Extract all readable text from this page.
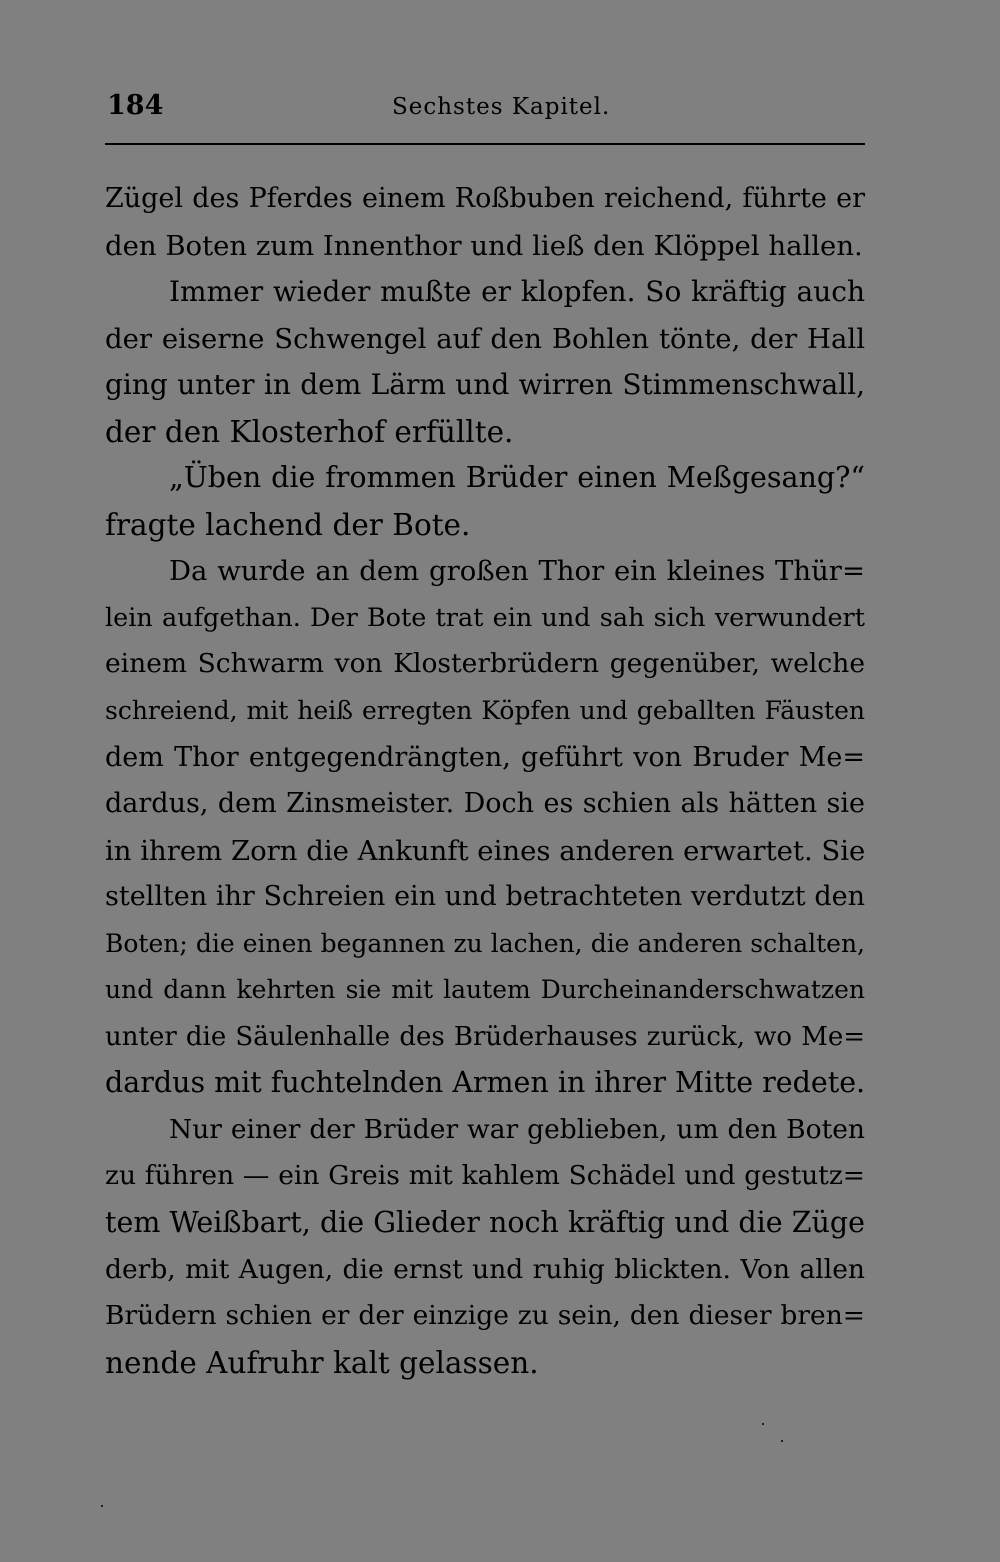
184	Sechstes Kapitel.
Zügel des Pferdes einem Roßbuben reichend, führte er
den Boten zum Innenthor und ließ den Klöppel hallen.
Immer wieder mußte er klopfen. So kräftig auch
der eiserne Schwengel auf den Bohlen tönte, der Hall
ging unter in dem Lärm und wirren Stimmenschwall,
der den Klosterhof erfüllte.
„Üben die frommen Brüder einen Meßgesang?“
fragte lachend der Bote.
Da wurde an dem großen Thor ein kleines Thür=
lein aufgethan. Der Bote trat ein und sah sich verwundert
einem Schwarm von Klosterbrüdern gegenüber, welche
schreiend, mit heiß erregten Köpfen und geballten Fäusten
dem Thor entgegendrängten, geführt von Bruder Me=
dardus, dem Zinsmeister. Doch es schien als hätten sie
in ihrem Zorn die Ankunft eines anderen erwartet. Sie
stellten ihr Schreien ein und betrachteten verdutzt den
Boten; die einen begannen zu lachen, die anderen schalten,
und dann kehrten sie mit lautem Durcheinanderschwatzen
unter die Säulenhalle des Brüderhauses zurück, wo Me=
dardus mit fuchtelnden Armen in ihrer Mitte redete.
Nur einer der Brüder war geblieben, um den Boten
zu führen — ein Greis mit kahlem Schädel und gestutz=
tem Weißbart, die Glieder noch kräftig und die Züge
derb, mit Augen, die ernst und ruhig blickten. Von allen
Brüdern schien er der einzige zu sein, den dieser bren=
nende Aufruhr kalt gelassen.
